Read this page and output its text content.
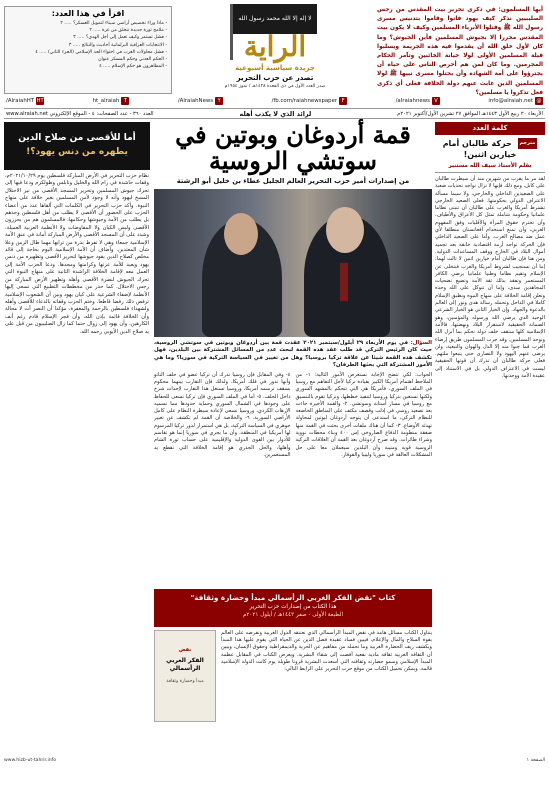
اقرأ في هذا العدد:
- ماذا وراء تخصيص أراضي سيناء لتمويل العسكر؟ ..... ٢
- ملامح ثورة جديدة تتخلق من غزة ..... ٢
- فشل تستمر وكيف تعمل إلى أجل الهدى؟ ..... ٣
- الانتخابات العراقية البرلمانية أحاديث والنتائج ..... ٣
- فشل محاولات الغرب في احتواء الحد الإسلامي (الجزء الثاني) ..... ٤
- الحكم العدني وحكم المسكر عنوان
- المظاهرون هو حكم الإسلام ..... ٤
لا إله إلا الله محمد رسول الله
الراية
جريدة سياسية أسبوعية
تصدر عن حزب التحرير
صدر العدد الأول في ذي القعدة ١٤٢٨هـ / تموز ١٩٥٤م
أيها المسلمون: في ذكرى تحرير بيت المقدس من رجس الصليبيين نذكر كيف يهود فاتوا وقاموا بتدنيس مسرى رسول الله ﷺ وقتلوا الأبرياء المسلمين وكيف لا يكون بيت المقدس محررا إلا بجيوش المسلمين فأين الجيوش؟ وما كان لأول خلق الله أن يقدموا فيه هذه الجريمة ويسلبوا قبلة المسلمين الأولى لولا خيانة الخائنين وتآمر الحكام المجرمين. وما كان لمن هم أحرص الناس على حياة أن يجترؤوا على أمة الشهادة وأن يحتلوا مسرى نبيها ﷺ لولا المسلمين الذين غابت عنهم دولة الخلافة فعلى أي ذكرى فعل تذكروا يا مسلمين؟
HT
/AlraiahHT	T
ht_alraiah	Y
/AlraiahNews	F
/fb.com/raiahnewspaper	V
/alraiahnews	@
info@alraiah.net
الأربعاء ٢٠ ربيع الأول ١٤٤٣هـ الموافق ٢٧ تشرين الأول/أكتوبر ٢٠٢١م
لرائد الذي لا يكذب أهله
العدد ٣٦٠ - عدد الصفحات: ٤ - الموقع الإلكتروني www.alraiah.net
كلمة العدد
مترجم حركة طالبان أمام خيارين اثنين!
بقلم الأستاذ سيف الله مستنير
لقد مر ما يقرب من شهرين منذ أن سيطرت طالبان على كابل، ومع ذلك فإنها لا تزال تواجه تحديات صعبة على الصعيدين الداخلي والخارجي، ولا سيما مسألة الاعتراف الدولي بحكومتها. فعلى الصعيد الخارجي تشترط أمريكا والغرب على طالبان أن تتبنى نظاما علمانيا وحكومة شاملة تمثل كل الأعراق والأطياف، وأن تحترم حقوق المرأة والأقليات وفق المفهوم الغربي، وأن تمنع استخدام أفغانستان منطلقا لأي عمل ضد مصالح الغرب. وأما على الصعيد الداخلي فإن الحركة تواجه أزمة اقتصادية خانقة بعد تجميد أموال البلاد في الخارج ووقف المساعدات الدولية. ومن هنا فإن طالبان أمام خيارين اثنين لا ثالث لهما: إما أن تستجيب لشروط أمريكا والغرب فتتخلى عن الإسلام وتقيم نظاما وطنيا علمانيا يرضي الكافر المستعمر وتفقد بذلك ثقة الأمة وتضيع تضحيات المجاهدين سدى، وإما أن تتوكل على الله وحده وتعلن إقامة الخلافة على منهاج النبوة وتطبق الإسلام كاملا في الداخل وتحمله رسالة هدى ونور إلى العالم بالدعوة والجهاد. وإن الخيار الثاني هو الخيار الشرعي الوحيد الذي يرضي الله ورسوله والمؤمنين، وهو الضمانة الحقيقية لاستقرار البلاد ونهضتها، فالأمة الإسلامية كلها ستقف خلف دولة تحكم بما أنزل الله وتوحد المسلمين. وقد جرب المسلمون طريق إرضاء الغرب فما جنوا منه إلا الذل والهوان والتبعية، ولن يرضى عنهم اليهود ولا النصارى حتى يتبعوا ملتهم. فعلى حركة طالبان أن تدرك أن قوتها الحقيقية ليست في الاعتراف الدولي بل في الاستناد إلى عقيدة الأمة ووحدتها.
قمة أردوغان وبوتين في سوتشي الروسية
من إصدارات أمير حزب التحرير العالم الجليل عطاء بن خليل أبو الرشتة
السؤال: في يوم الأربعاء ٢٩ أيلول/سبتمبر ٢٠٢١ عقدت قمة بين أردوغان وبوتين في سوتشي الروسية، حيث كان الرئيس التركي قد طلب عقد هذه القمة لبحث عدد من المسائل المشتركة بين البلدين، فهل تكشف هذه القمة شيئا عن علاقة تركيا بروسيا؟ وهل من تغيير في السياسة التركية في سوريا؟ وما هي الأمور المشتركة التي بحثها الطرفان؟
الجواب: لكي تتضح الإجابة نستعرض الأمور التالية: ١- من الملاحظ اهتمام أمريكا الكبير بقيادة تركيا لأجل التفاهم مع روسيا في الملف السوري، فأمريكا هي التي تتحكم بالمشهد السوري ولكنها تستعين بتركيا وروسيا لتنفيذ خططها، وتركيا تقوم بالتنسيق مع روسيا في مسار أستانة وسوتشي. ٢- والقمة الأخيرة جاءت بعد تصعيد روسي في إدلب وقصف مكثف على المناطق الخاضعة للنظام التركي، ما استدعى أن يتوجه أردوغان لبوتين لمحاولة تهدئة الأوضاع. ٣- كما أن هناك ملفات أخرى بحثت في القمة منها صفقة منظومة الدفاع الصاروخي إس ٤٠٠ وبناء محطات نووية وشراء طائرات. وقد صرح أردوغان بعد القمة أن العلاقات التركية الروسية قوية ومتينة وأن البلدين سيعملان معا على حل المشكلات العالقة في سوريا وليبيا والقوقاز.
٤- وفي المقابل فإن روسيا تدرك أن تركيا عضو في حلف الناتو وأنها تدور في فلك أمريكا، ولذلك فإن التقارب بينهما محكوم بسقف ترسمه أمريكا، وروسيا تستغل هذا التقارب لإحداث شرخ داخل الحلف. ٥- أما في الملف السوري فإن تركيا تسعى للحفاظ على وجودها في الشمال السوري وحماية حدودها مما تسميه الإرهاب الكردي، وروسيا تسعى لإعادة سيطرة النظام على كامل الأراضي السورية. ٦- والخلاصة أن القمة لم تكشف عن تغيير جوهري في السياسة التركية، بل هي استمرار لدور تركيا المرسوم لها أمريكيا في المنطقة، وأن ما يجري في سوريا إنما هو تقاسم للأدوار بين القوى الدولية والإقليمية على حساب ثورة الشام وأهلها، والحل الجذري هو إقامة الخلافة التي تقطع يد المستعمرين.
كتاب "نقض الفكر الغربي الرأسمالي مبدأ وحضارة وثقافة"
هذا الكتاب من إصدارات حزب التحرير
الطبعة الأولى - صفر ١٤٤٣هـ / أيلول ٢٠٢١م
يتناول الكتاب مسائل هامة في نقض المبدأ الرأسمالي الذي تعتنقه الدول الغربية وتفرضه على العالم بقوة السلاح والمال والإعلام، فيبين فساد عقيدة فصل الدين عن الحياة التي يقوم عليها هذا المبدأ ويكشف زيف الحضارة الغربية وما تحمله من مفاهيم عن الحرية والديمقراطية وحقوق الإنسان، ويبين أن الثقافة الغربية ثقافة مادية نفعية أفضت إلى شقاء البشرية. ويعرض الكتاب في المقابل عظمة المبدأ الإسلامي وسمو حضارته وثقافته التي أسعدت البشرية قرونا طويلة يوم كانت الدولة الإسلامية قائمة. ويمكن تحميل الكتاب من موقع حزب التحرير على الرابط التالي:
نقض
الفكر الغربي الرأسمالي
مبدأ وحضارة وثقافة
أما للأقصى من صلاح الدين
يطهره من دنس يهود؟!
نظام حزب التحرير في الأرض المباركة فلسطين يوم ٢٠٢١/١٠/٢٩م، وقفات حاشدة في رام الله والخليل ونابلس وطولكرم ودعا فيها إلى تحرك جيوش المسلمين وتحرير المسجد الأقصى من نير الاحتلال المسخ ليهود وأنه لا وجود لأمن المسلمين بغير خلافة على منهاج النبوة. وأكد حزب التحرير في الكلمات التي ألقاها عدد من أعضاء الحزب على الحضور أن الأقصى لا يطلب من أهل فلسطين وحدهم بل يطلب من الأمة وجيوشها وحكامها، فالمسلمون هم من يحررون الأقصى وليس الكيان ولا المفاوضات ولا الأنظمة العربية العميلة. وشدد على أن المسجد الأقصى والأرض المباركة أمانة في عنق الأمة الإسلامية جمعاء وهي لا تفرط بذرة من ترابها مهما طال الزمن وعلا شأن المعتدين. وأضاف أن الأمة الإسلامية اليوم بحاجة إلى قائد مخلص كصلاح الدين يقود جيوشها لتحرير الأقصى وتطهيره من دنس يهود ويعيد للأمة عزتها وكرامتها ومجدها. ودعا الحزب الأمة إلى العمل معه لإقامة الخلافة الراشدة الثانية على منهاج النبوة التي تحرك الجيوش لنصرة الأقصى وأهله وتطهير الأرض المباركة من رجس الاحتلال. كما حذر من مخططات التطبيع التي تسعى إليها الأنظمة لإضفاء الشرعية على كيان يهود وبين أن الشعوب الإسلامية ترفض ذلك رفضا قاطعا. وختم الحزب وقفاته بالدعاء للأقصى وأهله ولشهداء فلسطين بالرحمة والمغفرة، مؤكدا أن النصر آت لا محالة وأن الخلافة قائمة بإذن الله، وأن فجر الإسلام قادم رغم أنف الكارهين، وأن يهود إلى زوال حتما كما زال الصليبيون من قبل على يد صلاح الدين الأيوبي رحمه الله.
الصفحة ١
www.hizb-ut-tahrir.info
